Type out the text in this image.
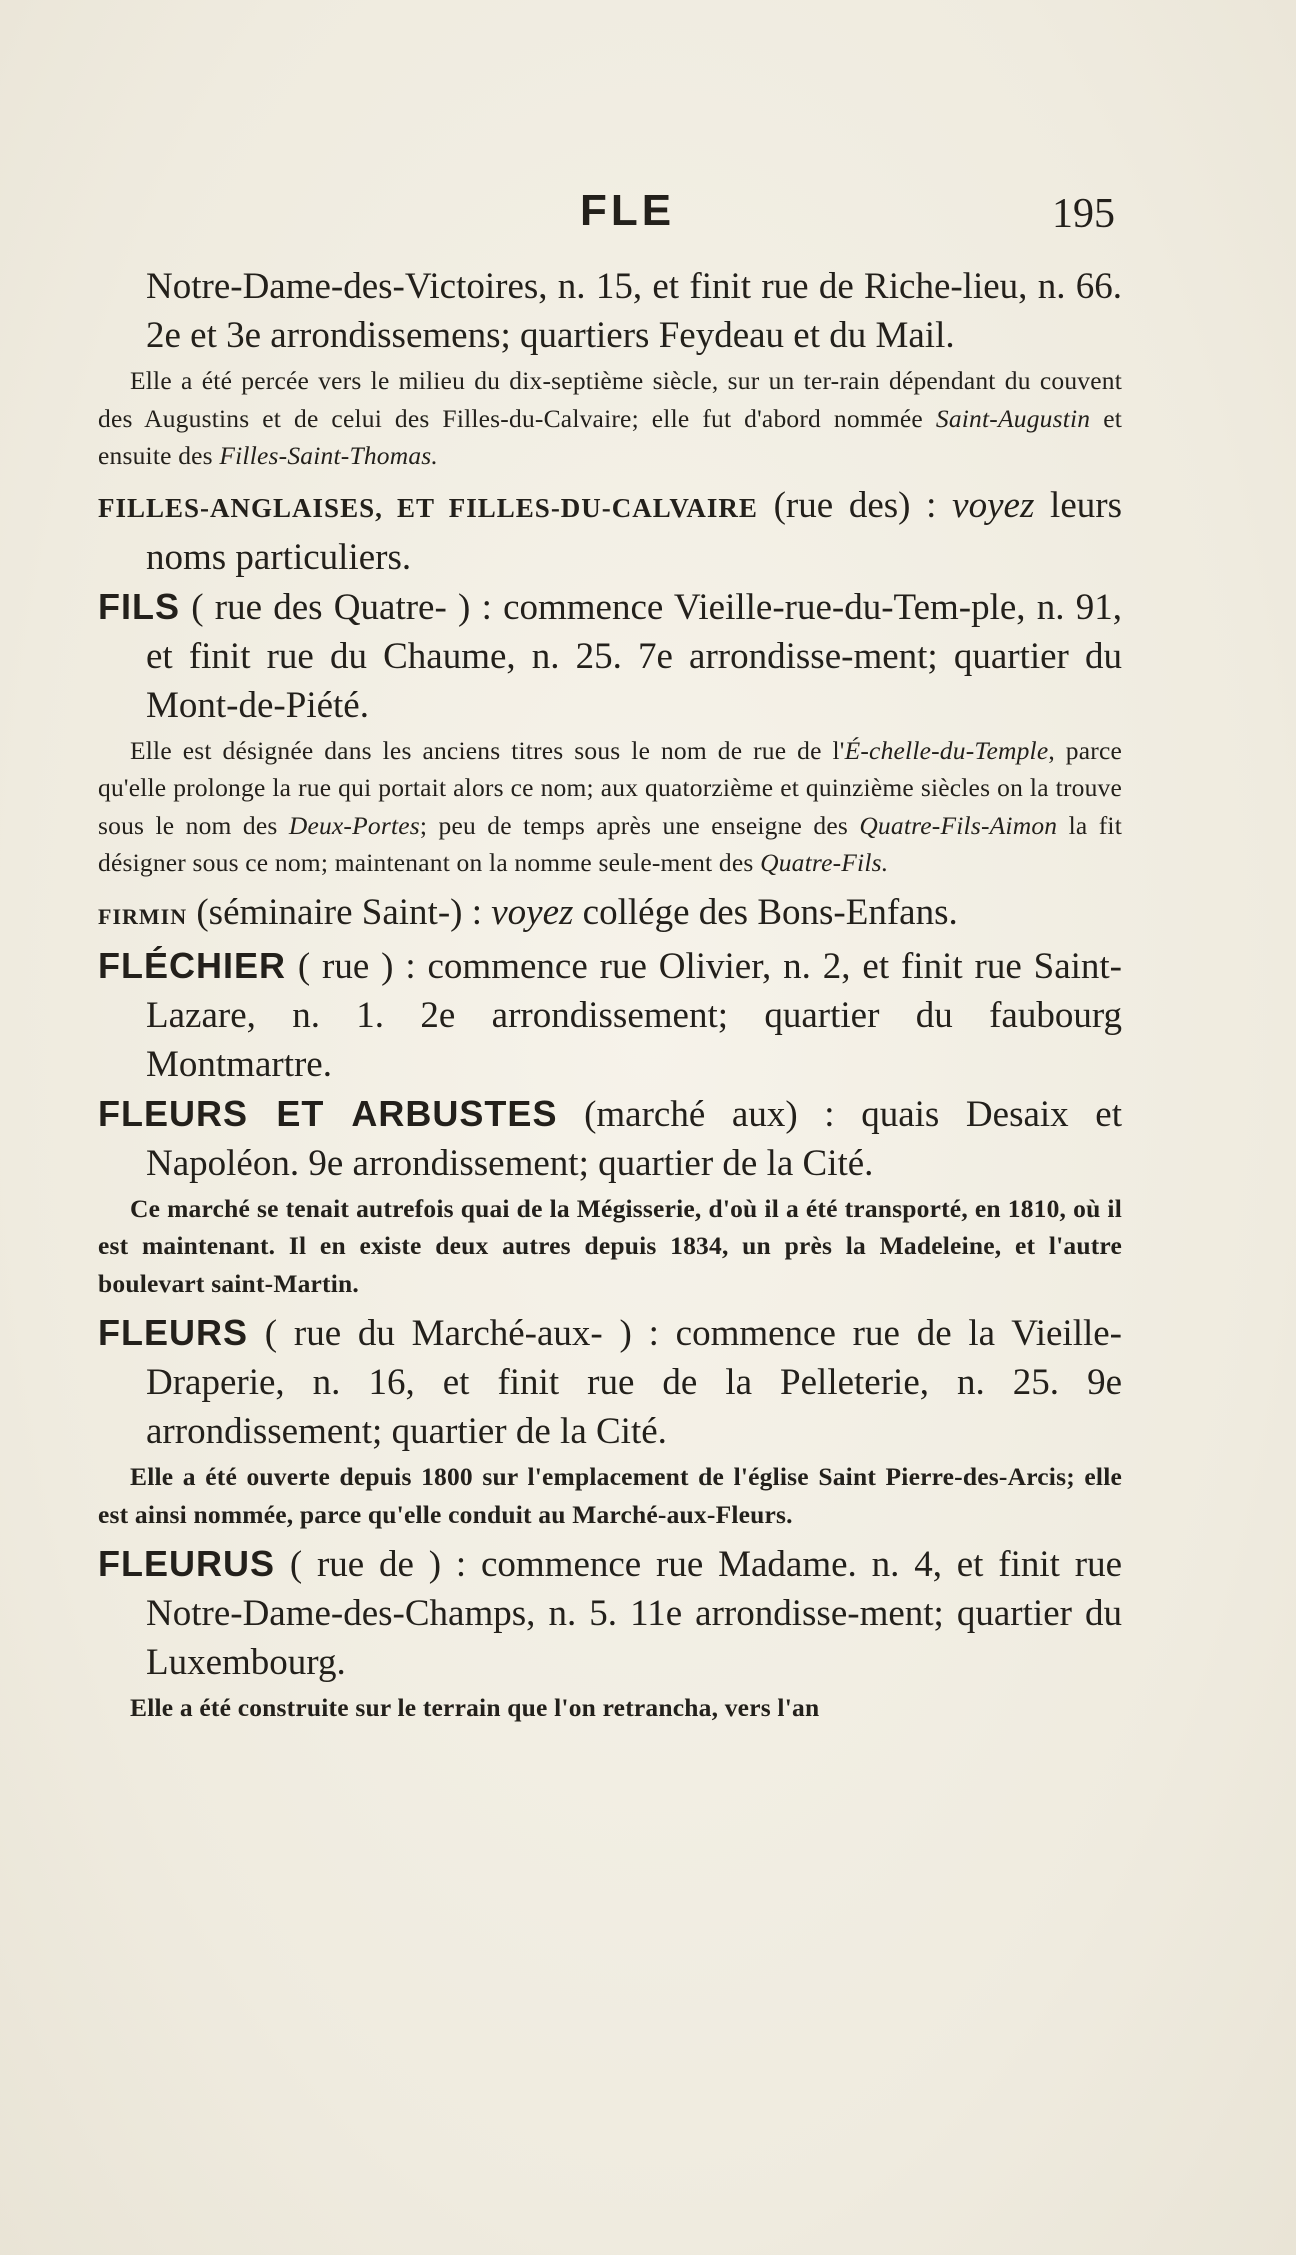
FLE	195

Notre-Dame-des-Victoires, n. 15, et finit rue de Riche-lieu, n. 66. 2e et 3e arrondissemens; quartiers Feydeau et du Mail.

Elle a été percée vers le milieu du dix-septième siècle, sur un ter-rain dépendant du couvent des Augustins et de celui des Filles-du-Calvaire; elle fut d'abord nommée Saint-Augustin et ensuite des Filles-Saint-Thomas.

FILLES-ANGLAISES, ET FILLES-DU-CALVAIRE (rue des) : voyez leurs noms particuliers.

FILS ( rue des Quatre- ) : commence Vieille-rue-du-Tem-ple, n. 91, et finit rue du Chaume, n. 25. 7e arrondisse-ment; quartier du Mont-de-Piété.

Elle est désignée dans les anciens titres sous le nom de rue de l'É-chelle-du-Temple, parce qu'elle prolonge la rue qui portait alors ce nom; aux quatorzième et quinzième siècles on la trouve sous le nom des Deux-Portes; peu de temps après une enseigne des Quatre-Fils-Aimon la fit désigner sous ce nom; maintenant on la nomme seule-ment des Quatre-Fils.

FIRMIN (séminaire Saint-) : voyez collége des Bons-Enfans.

FLÉCHIER ( rue ) : commence rue Olivier, n. 2, et finit rue Saint-Lazare, n. 1. 2e arrondissement; quartier du faubourg Montmartre.

FLEURS ET ARBUSTES (marché aux) : quais Desaix et Napoléon. 9e arrondissement; quartier de la Cité.

Ce marché se tenait autrefois quai de la Mégisserie, d'où il a été transporté, en 1810, où il est maintenant. Il en existe deux autres depuis 1834, un près la Madeleine, et l'autre boulevart saint-Martin.

FLEURS ( rue du Marché-aux- ) : commence rue de la Vieille-Draperie, n. 16, et finit rue de la Pelleterie, n. 25. 9e arrondissement; quartier de la Cité.

Elle a été ouverte depuis 1800 sur l'emplacement de l'église Saint Pierre-des-Arcis; elle est ainsi nommée, parce qu'elle conduit au Marché-aux-Fleurs.

FLEURUS ( rue de ) : commence rue Madame. n. 4, et finit rue Notre-Dame-des-Champs, n. 5. 11e arrondisse-ment; quartier du Luxembourg.

Elle a été construite sur le terrain que l'on retrancha, vers l'an
